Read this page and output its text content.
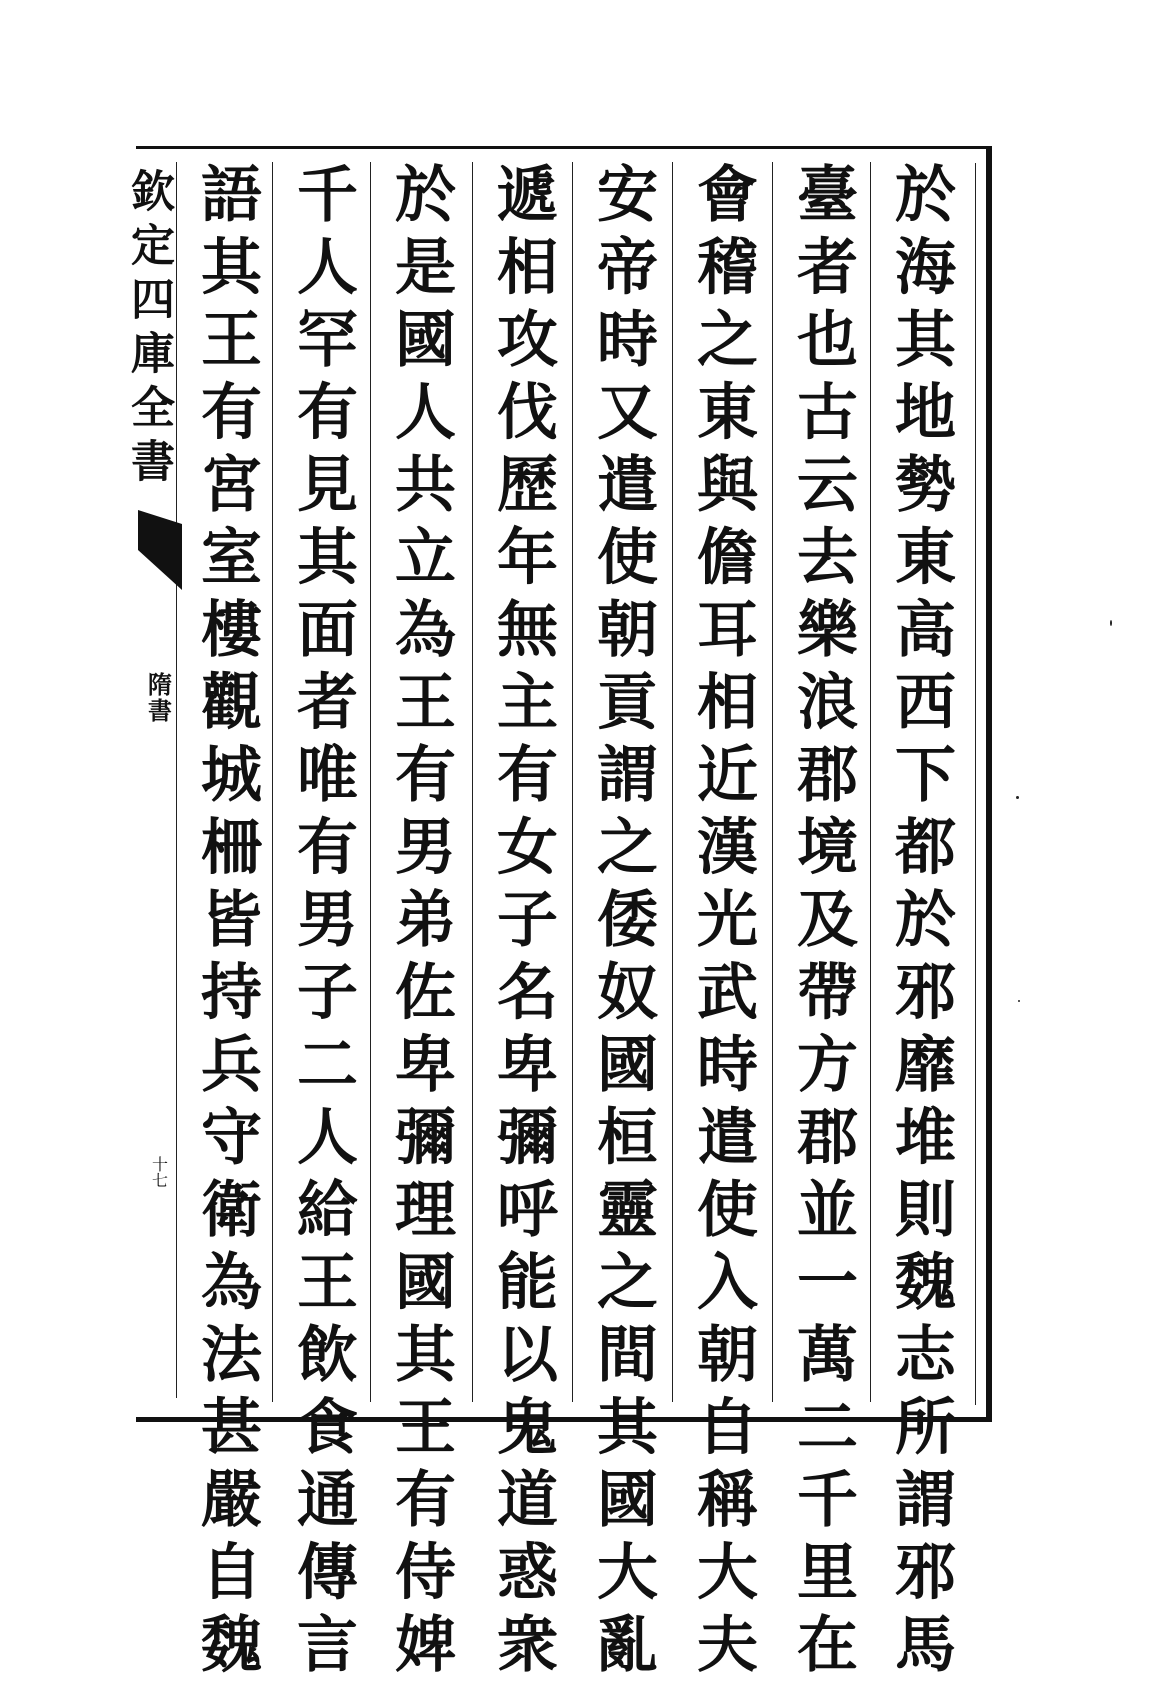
欽定四庫全書
隋書
十七	於海其地勢東高西下都於邪靡堆則魏志所謂邪馬
臺者也古云去樂浪郡境及帶方郡並一萬二千里在
會稽之東與儋耳相近漢光武時遣使入朝自稱大夫
安帝時又遣使朝貢謂之倭奴國桓靈之間其國大亂
遞相攻伐歷年無主有女子名卑彌呼能以鬼道惑衆
於是國人共立為王有男弟佐卑彌理國其王有侍婢
千人罕有見其面者唯有男子二人給王飲食通傳言
語其王有宮室樓觀城柵皆持兵守衛為法甚嚴自魏
